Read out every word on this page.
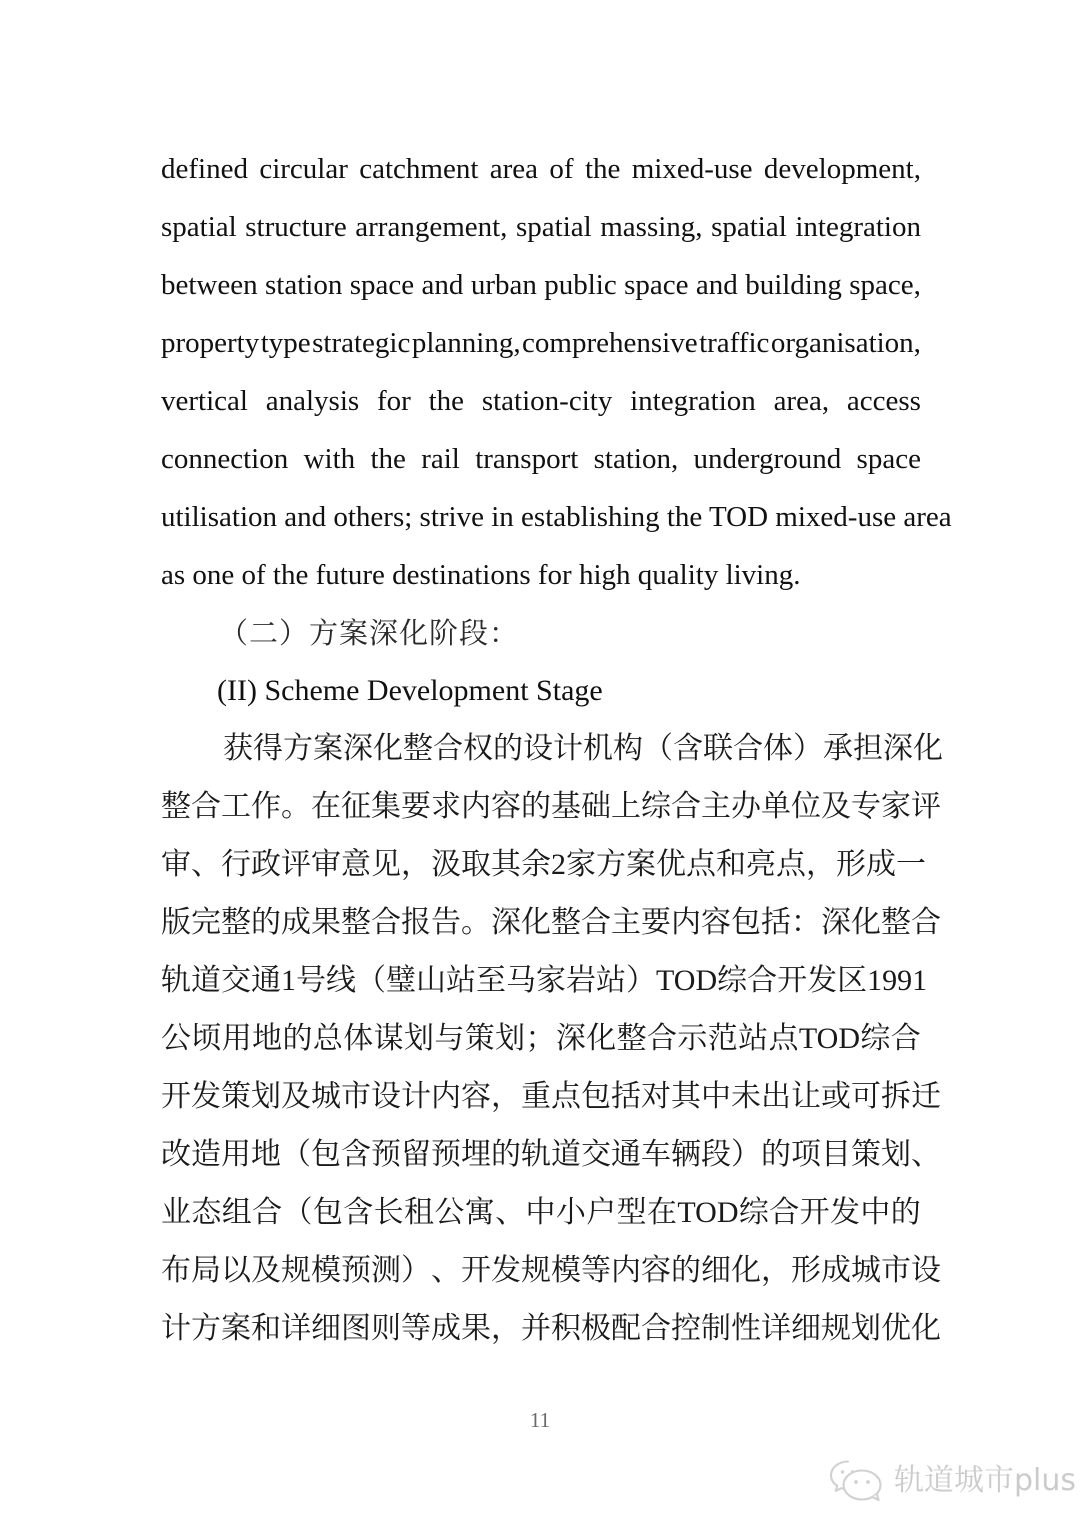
defined circular catchment area of the mixed-use development,
spatial structure arrangement, spatial massing, spatial integration
between station space and urban public space and building space,
property type strategic planning, comprehensive traffic organisation,
vertical analysis for the station-city integration area, access
connection with the rail transport station, underground space
utilisation and others; strive in establishing the TOD mixed-use area
as one of the future destinations for high quality living.
（二）方案深化阶段：
(II) Scheme Development Stage
获 得 方 案 深 化 整 合 权 的 设 计 机 构 （ 含 联 合 体 ） 承 担 深 化
整 合 工 作 。 在 征 集 要 求 内 容 的 基 础 上 综 合 主 办 单 位 及 专 家 评
审 、 行 政 评 审 意 见 ， 汲 取 其 余 2 家 方 案 优 点 和 亮 点 ， 形 成 一
版 完 整 的 成 果 整 合 报 告 。 深 化 整 合 主 要 内 容 包 括 ： 深 化 整 合
轨 道 交 通 1 号 线 （ 璧 山 站 至 马 家 岩 站 ） TOD 综 合 开 发 区 1991
公 顷 用 地 的 总 体 谋 划 与 策 划 ； 深 化 整 合 示 范 站 点 TOD 综 合
开 发 策 划 及 城 市 设 计 内 容 ， 重 点 包 括 对 其 中 未 出 让 或 可 拆 迁
改 造 用 地 （ 包 含 预 留 预 埋 的 轨 道 交 通 车 辆 段 ） 的 项 目 策 划 、
业 态 组 合 （ 包 含 长 租 公 寓 、 中 小 户 型 在 TOD 综 合 开 发 中 的
布 局 以 及 规 模 预 测 ） 、 开 发 规 模 等 内 容 的 细 化 ， 形 成 城 市 设
计 方 案 和 详 细 图 则 等 成 果 ， 并 积 极 配 合 控 制 性 详 细 规 划 优 化
11
轨道城市plus
